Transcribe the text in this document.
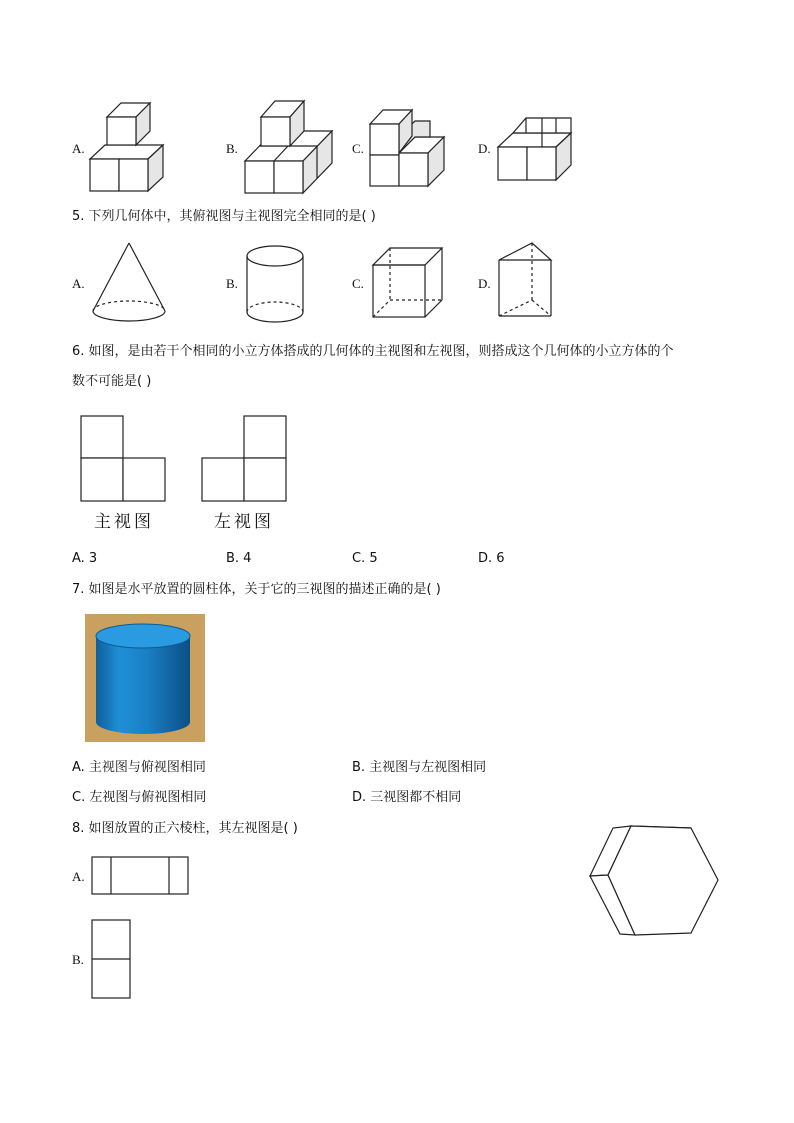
A.	B.	C.	D.
5. 下列几何体中，其俯视图与主视图完全相同的是( )
A.	B.	C.	D.
6. 如图，是由若干个相同的小立方体搭成的几何体的主视图和左视图，则搭成这个几何体的小立方体的个
数不可能是( )
主视图	左视图
A. 3	B. 4	C. 5	D. 6
7. 如图是水平放置的圆柱体，关于它的三视图的描述正确的是( )
A. 主视图与俯视图相同	B. 主视图与左视图相同
C. 左视图与俯视图相同	D. 三视图都不相同
8. 如图放置的正六棱柱，其左视图是( )
A.
B.
